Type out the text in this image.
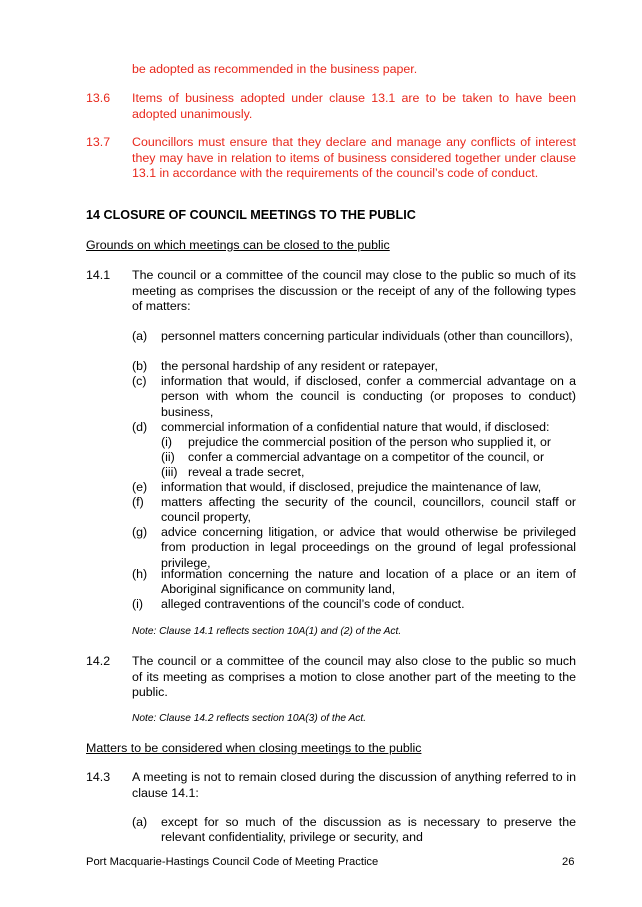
be adopted as recommended in the business paper.

13.6 Items of business adopted under clause 13.1 are to be taken to have been adopted unanimously.

13.7 Councillors must ensure that they declare and manage any conflicts of interest they may have in relation to items of business considered together under clause 13.1 in accordance with the requirements of the council’s code of conduct.

14 CLOSURE OF COUNCIL MEETINGS TO THE PUBLIC
Grounds on which meetings can be closed to the public
14.1 The council or a committee of the council may close to the public so much of its meeting as comprises the discussion or the receipt of any of the following types of matters:

(a) personnel matters concerning particular individuals (other than councillors),
(b) the personal hardship of any resident or ratepayer,
(c) information that would, if disclosed, confer a commercial advantage on a person with whom the council is conducting (or proposes to conduct) business,
(d) commercial information of a confidential nature that would, if disclosed:
(i) prejudice the commercial position of the person who supplied it, or
(ii) confer a commercial advantage on a competitor of the council, or
(iii) reveal a trade secret,
(e) information that would, if disclosed, prejudice the maintenance of law,
(f) matters affecting the security of the council, councillors, council staff or council property,
(g) advice concerning litigation, or advice that would otherwise be privileged from production in legal proceedings on the ground of legal professional privilege,
(h) information concerning the nature and location of a place or an item of Aboriginal significance on community land,
(i) alleged contraventions of the council’s code of conduct.
Note: Clause 14.1 reflects section 10A(1) and (2) of the Act.
14.2 The council or a committee of the council may also close to the public so much of its meeting as comprises a motion to close another part of the meeting to the public.

Note: Clause 14.2 reflects section 10A(3) of the Act.
Matters to be considered when closing meetings to the public
14.3 A meeting is not to remain closed during the discussion of anything referred to in clause 14.1:

(a) except for so much of the discussion as is necessary to preserve the relevant confidentiality, privilege or security, and
Port Macquarie-Hastings Council Code of Meeting Practice	26
